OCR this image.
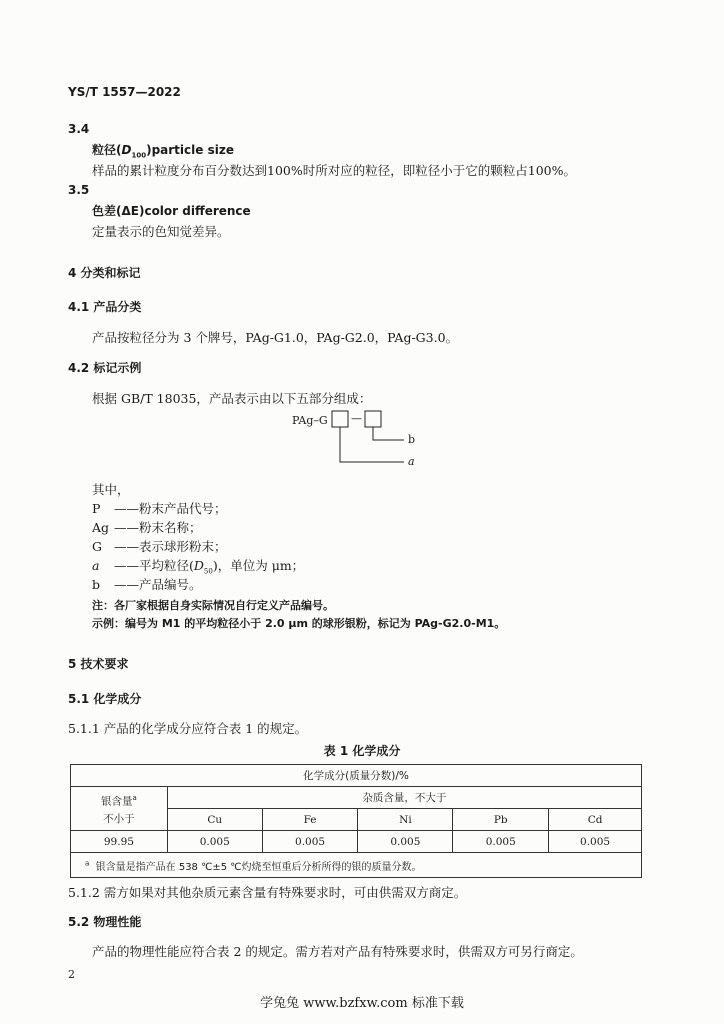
YS/T 1557—2022
3.4
粒径$(D_{100})particle$ size
样品的累计粒度分布百分数达到100%时所对应的粒径，即粒径小于它的颗粒占100%。
3.5
色差(ΔE)color difference
定量表示的色知觉差异。
4 分类和标记
4.1 产品分类
产品按粒径分为 3 个牌号，PAg-G1.0，PAg-G2.0，PAg-G3.0。
4.2 标记示例
根据 GB/T 18035，产品表示由以下五部分组成：
PAg–G —
b
a
其中，
P ——粉末产品代号；
Ag ——粉末名称；
G ——表示球形粉末；
a ——平均粒径$(D_{50})$，单位为 μm；
b ——产品编号。
注：各厂家根据自身实际情况自行定义产品编号。
示例：编号为 M1 的平均粒径小于 2.0 μm 的球形银粉，标记为 PAg-G2.0-M1。
5 技术要求
5.1 化学成分
5.1.1 产品的化学成分应符合表 1 的规定。
表 1 化学成分
化学成分(质量分数)/%					
银含量$^a$
不小于	杂质含量，不大于				
	Cu	Fe	Ni	Pb	Cd
99.95	0.005	0.005	0.005	0.005	0.005
$^a$ 银含量是指产品在 538 ℃±5 ℃灼烧至恒重后分析所得的银的质量分数。					
5.1.2 需方如果对其他杂质元素含量有特殊要求时，可由供需双方商定。
5.2 物理性能
产品的物理性能应符合表 2 的规定。需方若对产品有特殊要求时，供需双方可另行商定。
2
学兔兔 www.bzfxw.com 标准下载
